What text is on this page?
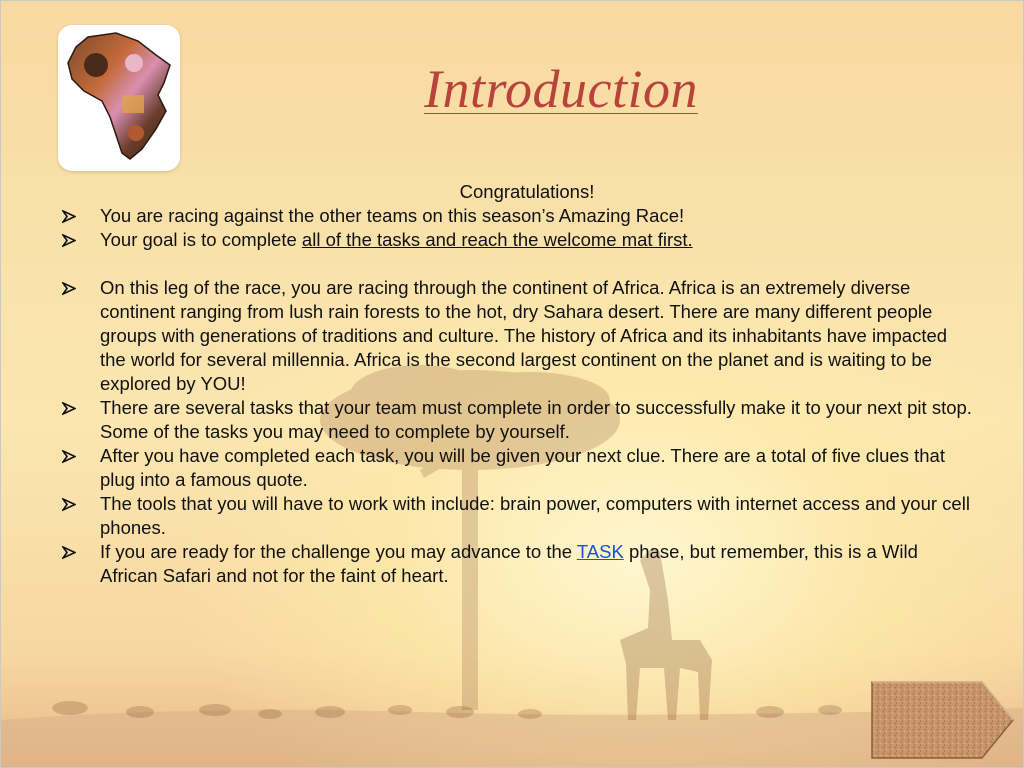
Introduction
Congratulations!
You are racing against the other teams on this season’s Amazing Race!
Your goal is to complete all of the tasks and reach the welcome mat first.
On this leg of the race, you are racing through the continent of Africa. Africa is an extremely diverse continent ranging from lush rain forests to the hot, dry Sahara desert. There are many different people groups with generations of traditions and culture. The history of Africa and its inhabitants have impacted the world for several millennia. Africa is the second largest continent on the planet and is waiting to be explored by YOU!
There are several tasks that your team must complete in order to successfully make it to your next pit stop. Some of the tasks you may need to complete by yourself.
After you have completed each task, you will be given your next clue. There are a total of five clues that plug into a famous quote.
The tools that you will have to work with include: brain power, computers with internet access and your cell phones.
If you are ready for the challenge you may advance to the TASK phase, but remember, this is a Wild African Safari and not for the faint of heart.
